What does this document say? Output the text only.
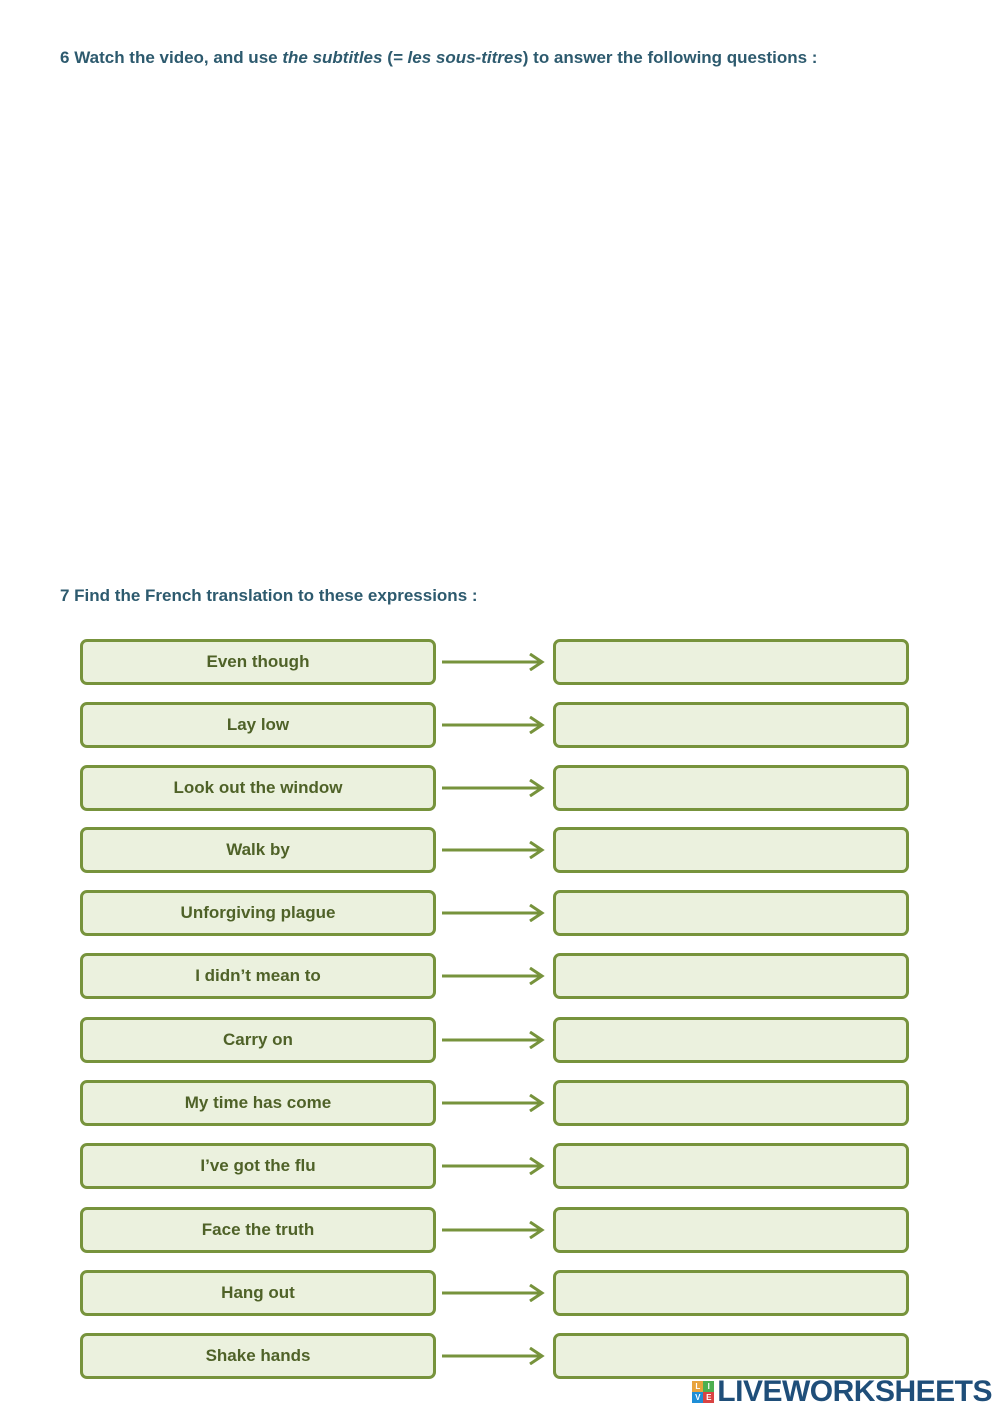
6 Watch the video, and use the subtitles (= les sous-titres) to answer the following questions :

7 Find the French translation to these expressions :

Even though
Lay low
Look out the window
Walk by
Unforgiving plague
I didn’t mean to
Carry on
My time has come
I’ve got the flu
Face the truth
Hang out
Shake hands
L I
V E LIVEWORKSHEETS
